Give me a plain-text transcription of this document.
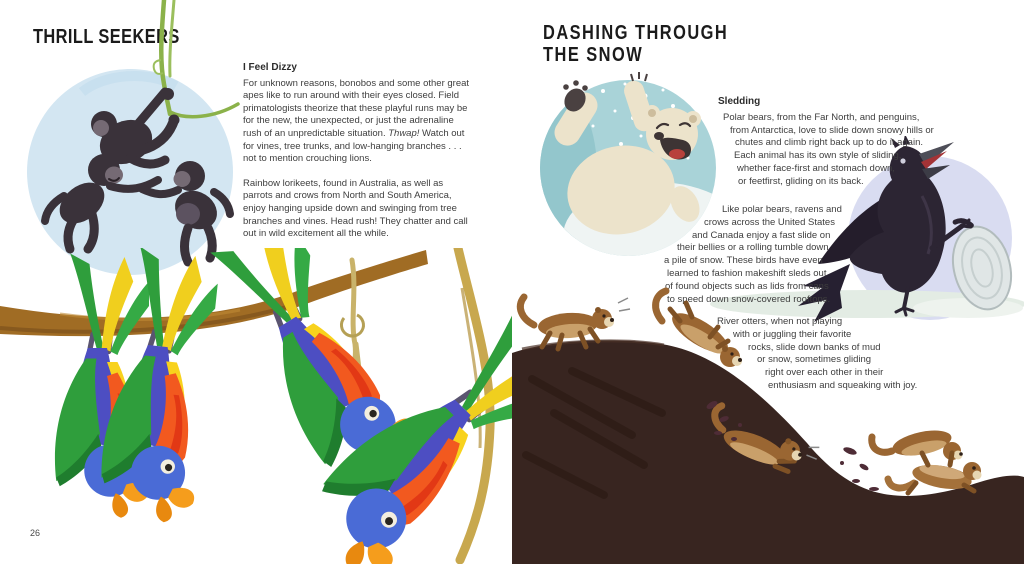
THRILL SEEKERS

I Feel Dizzy

For unknown reasons, bonobos and some other great apes like to run around with their eyes closed. Field primatologists theorize that these playful runs may be for the new, the unexpected, or just the adrenaline rush of an unpredictable situation. Thwap! Watch out for vines, tree trunks, and low-hanging branches . . . not to mention crouching lions.

Rainbow lorikeets, found in Australia, as well as parrots and crows from North and South America, enjoy hanging upside down and swinging from tree branches and vines. Head rush! They chatter and call out in wild excitement all the while.

26
DASHING THROUGH
THE SNOW
Sledding
Polar bears, from the Far North, and penguins,
from Antarctica, love to slide down snowy hills or
chutes and climb right back up to do it again.
Each animal has its own style of sliding,
whether face-first and stomach down,
or feetfirst, gliding on its back.
Like polar bears, ravens and
crows across the United States
and Canada enjoy a fast slide on
their bellies or a rolling tumble down
a pile of snow. These birds have even
learned to fashion makeshift sleds out
of found objects such as lids from cans
to speed down snow-covered rooftops.
River otters, when not playing
with or juggling their favorite
rocks, slide down banks of mud
or snow, sometimes gliding
right over each other in their
enthusiasm and squeaking with joy.
